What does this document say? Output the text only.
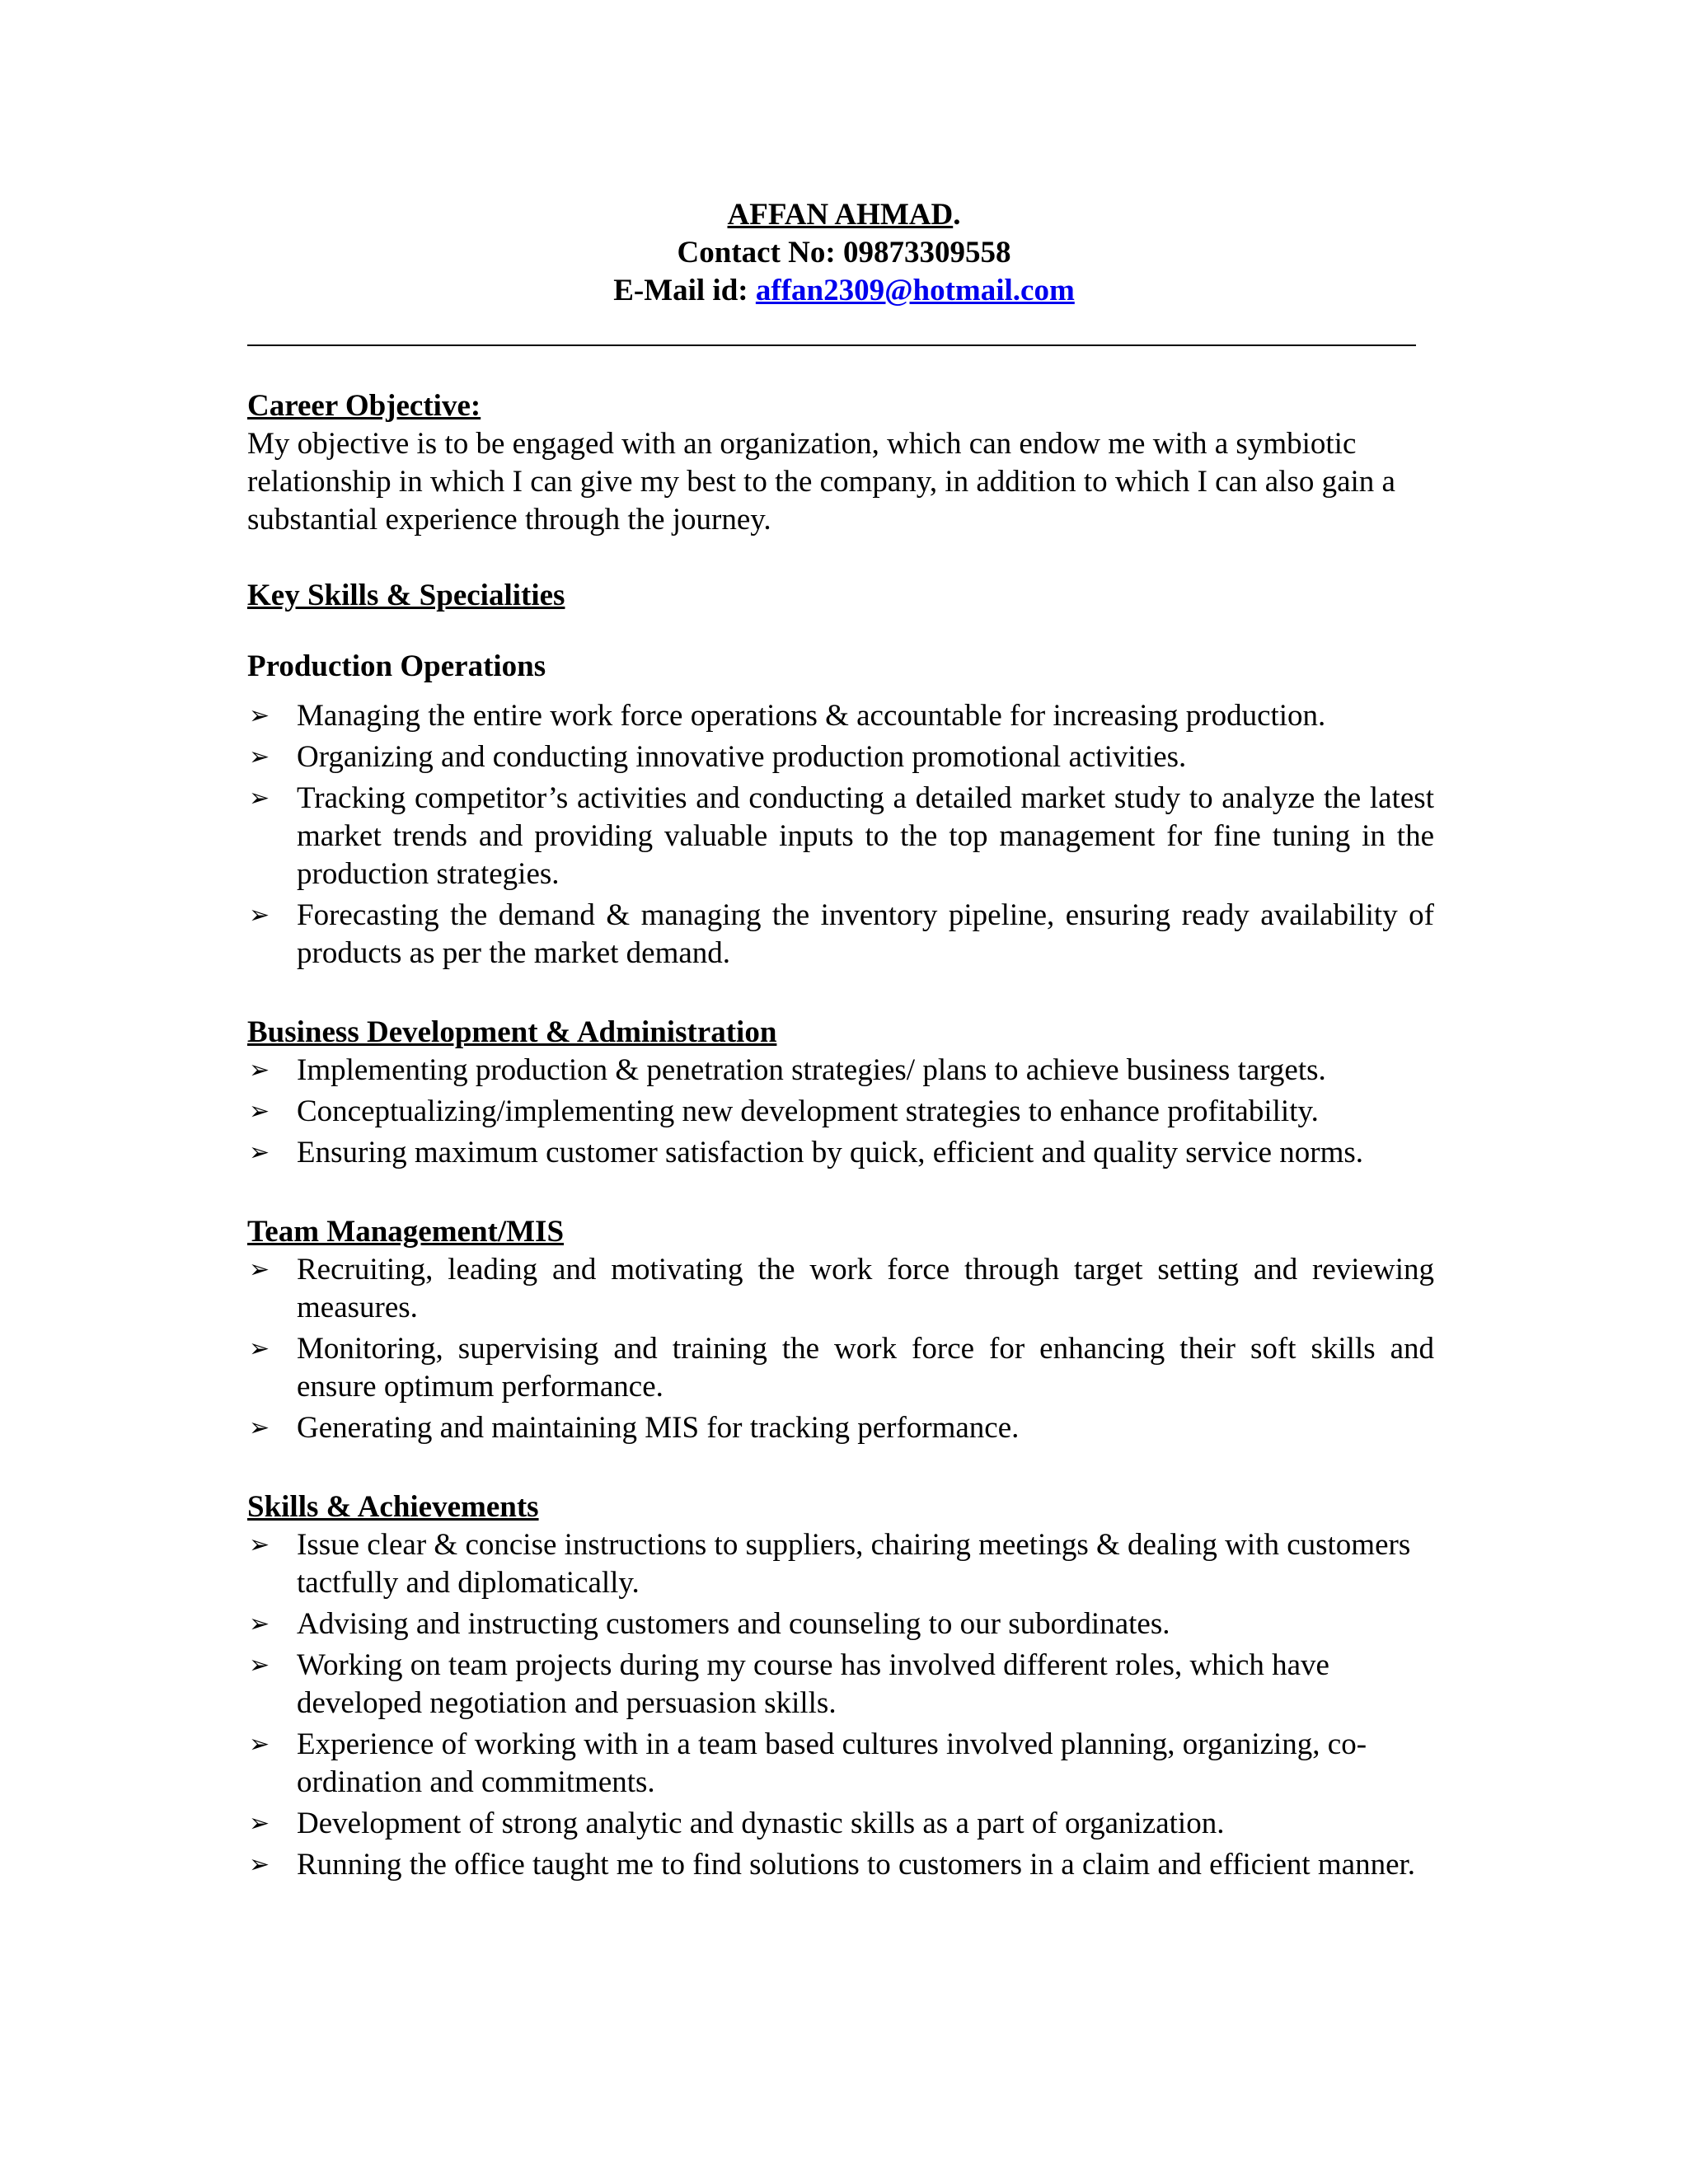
AFFAN AHMAD.
Contact No: 09873309558
E-Mail id: affan2309@hotmail.com

Career Objective:

My objective is to be engaged with an organization, which can endow me with a symbiotic relationship in which I can give my best to the company, in addition to which I can also gain a substantial experience through the journey.

Key Skills & Specialities

Production Operations

➢ Managing the entire work force operations & accountable for increasing production.
➢ Organizing and conducting innovative production promotional activities.
➢ Tracking competitor’s activities and conducting a detailed market study to analyze the latest market trends and providing valuable inputs to the top management for fine tuning in the production strategies.
➢ Forecasting the demand & managing the inventory pipeline, ensuring ready availability of products as per the market demand.

Business Development & Administration

➢ Implementing production & penetration strategies/ plans to achieve business targets.
➢ Conceptualizing/implementing new development strategies to enhance profitability.
➢ Ensuring maximum customer satisfaction by quick, efficient and quality service norms.

Team Management/MIS

➢ Recruiting, leading and motivating the work force through target setting and reviewing measures.
➢ Monitoring, supervising and training the work force for enhancing their soft skills and ensure optimum performance.
➢ Generating and maintaining MIS for tracking performance.

Skills & Achievements

➢ Issue clear & concise instructions to suppliers, chairing meetings & dealing with customers tactfully and diplomatically.
➢ Advising and instructing customers and counseling to our subordinates.
➢ Working on team projects during my course has involved different roles, which have developed negotiation and persuasion skills.
➢ Experience of working with in a team based cultures involved planning, organizing, co-ordination and commitments.
➢ Development of strong analytic and dynastic skills as a part of organization.
➢ Running the office taught me to find solutions to customers in a claim and efficient manner.
